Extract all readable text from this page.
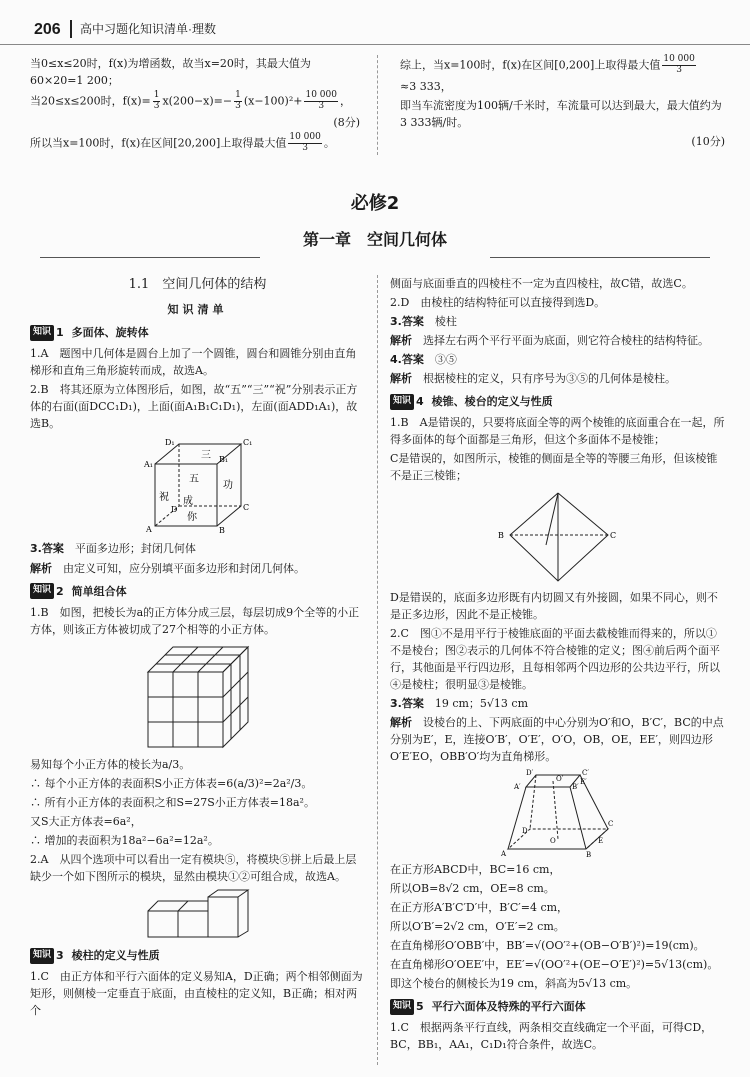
206 高中习题化知识清单·理数

当0≤x≤20时，f(x)为增函数，故当x=20时，其最大值为60×20=1 200；

当20≤x≤200时，$f(x)= \frac{1}{3} x(200-x)=- \frac{1}{3} (x-100)^2+ \frac{10 000}{3}$ ，

(8分)

所以当x=100时，f(x)在区间[20,200]上取得最大值 $\frac{10 000}{3}$ 。

综上，当x=100时，f(x)在区间[0,200]上取得最大值 $\frac{10 000}{3}$

≈3 333，

即当车流密度为100辆/千米时，车流量可以达到最大，最大值约为3 333辆/时。

(10分)

必修2
第一章　空间几何体
1.1　空间几何体的结构
知识清单
知识 1 多面体、旋转体

1.A　题图中几何体是圆台上加了一个圆锥，圆台和圆锥分别由直角梯形和直角三角形旋转而成，故选A。

2.B　将其还原为立体图形后，如图，故“五”“三”“祝”分别表示正方体的右面(面DCC₁D₁)，上面(面A₁B₁C₁D₁)，左面(面ADD₁A₁)，故选B。

D₁	C₁
A₁
B₁
D	C
A	B
三
五
功
祝 成
你

3.答案　 平面多边形；封闭几何体

解析　 由定义可知，应分别填平面多边形和封闭几何体。

知识 2 简单组合体

1.B　如图，把棱长为a的正方体分成三层，每层切成9个全等的小正方体，则该正方体被切成了27个相等的小正方体。

易知每个小正方体的棱长为a/3。

∴ 每个小正方体的表面积S小正方体表=6(a/3)²=2a²/3。

∴ 所有小正方体的表面积之和S=27S小正方体表=18a²。

又S大正方体表=6a²，

∴ 增加的表面积为18a²−6a²=12a²。

2.A　从四个选项中可以看出一定有模块⑤，将模块⑤拼上后最上层缺少一个如下图所示的模块，显然由模块①②可组合成，故选A。

知识 3 棱柱的定义与性质

1.C　由正方体和平行六面体的定义易知A，D正确；两个相邻侧面为矩形，则侧棱一定垂直于底面，由直棱柱的定义知，B正确；相对两个

侧面与底面垂直的四棱柱不一定为直四棱柱，故C错，故选C。

2.D　由棱柱的结构特征可以直接得到选D。

3.答案　 棱柱

解析　 选择左右两个平行平面为底面，则它符合棱柱的结构特征。

4.答案　 ③⑤

解析　 根据棱柱的定义，只有序号为③⑤的几何体是棱柱。

知识 4 棱锥、棱台的定义与性质

1.B　A是错误的，只要将底面全等的两个棱锥的底面重合在一起，所得多面体的每个面都是三角形，但这个多面体不是棱锥；

C是错误的，如图所示，棱锥的侧面是全等的等腰三角形，但该棱锥不是正三棱锥；

B	C

D是错误的，底面多边形既有内切圆又有外接圆，如果不同心，则不是正多边形，因此不是正棱锥。

2.C　图①不是用平行于棱锥底面的平面去截棱锥而得来的，所以①不是棱台；图②表示的几何体不符合棱锥的定义；图④前后两个面平行，其他面是平行四边形，且每相邻两个四边形的公共边平行，所以④是棱柱；很明显③是棱锥。

3.答案　 19 cm；5√13 cm

解析　 设棱台的上、下两底面的中心分别为O′和O，B′C′，BC的中点分别为E′，E，连接O′B′，O′E′，O′O，OB，OE，EE′，则四边形O′E′EO，OBB′O′均为直角梯形。

D′	C′
A′	B′
O′ E′
D
C
O	E
A	B

在正方形ABCD中，BC=16 cm，

所以OB=8√2 cm，OE=8 cm。

在正方形A′B′C′D′中，B′C′=4 cm，

所以O′B′=2√2 cm，O′E′=2 cm。

在直角梯形O′OBB′中，BB′=√(OO′²+(OB−O′B′)²)=19(cm)。

在直角梯形O′OEE′中，EE′=√(OO′²+(OE−O′E′)²)=5√13(cm)。

即这个棱台的侧棱长为19 cm，斜高为5√13 cm。

知识 5 平行六面体及特殊的平行六面体

1.C　根据两条平行直线，两条相交直线确定一个平面，可得CD，BC，BB₁，AA₁，C₁D₁符合条件，故选C。
